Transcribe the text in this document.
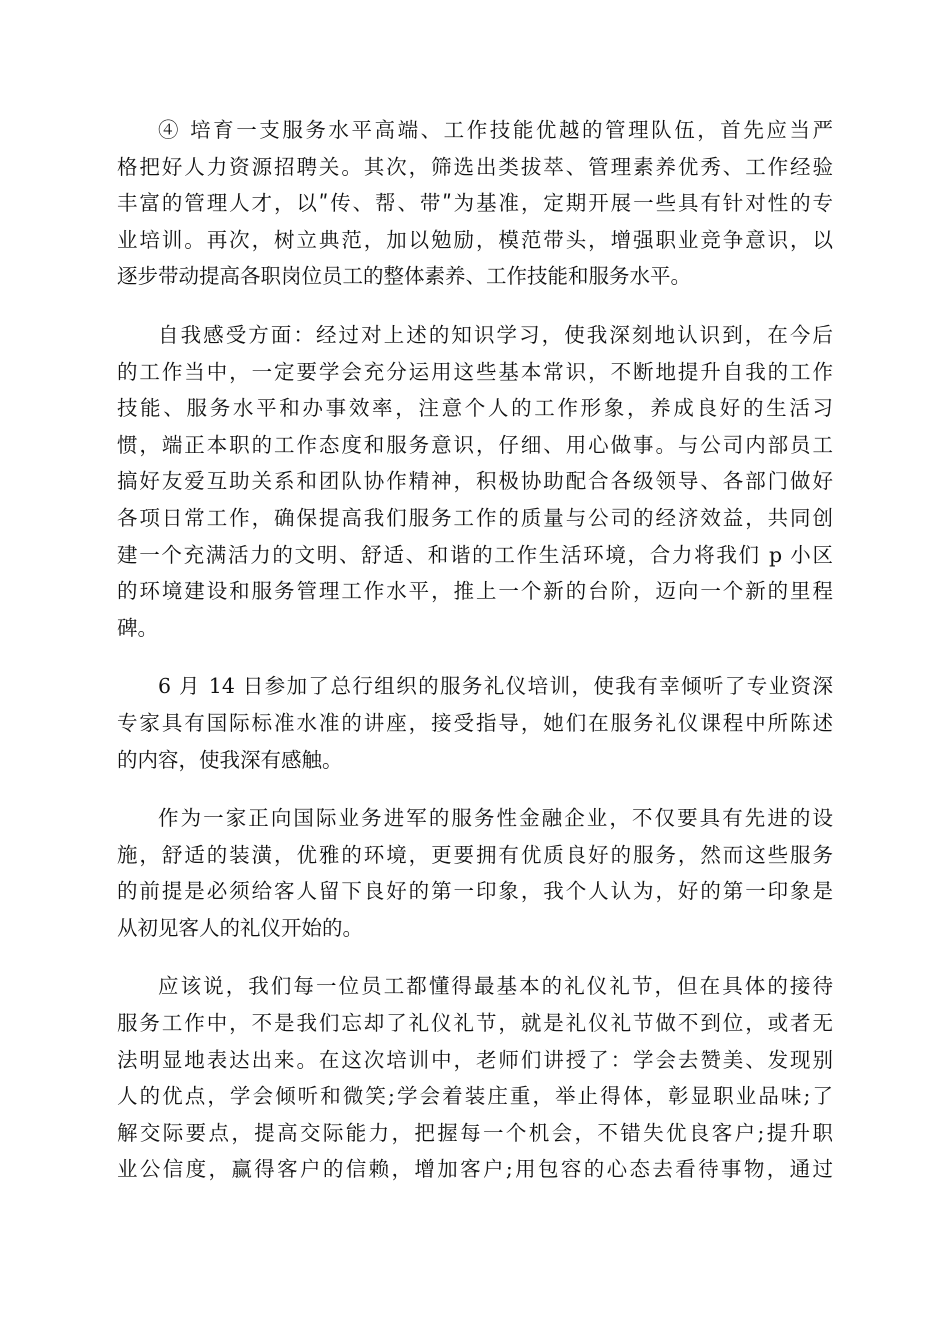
④ 培育一支服务水平高端、工作技能优越的管理队伍，首先应当严
格把好人力资源招聘关。其次，筛选出类拔萃、管理素养优秀、工作经验
丰富的管理人才，以ʺ传、帮、带ʺ为基准，定期开展一些具有针对性的专
业培训。再次，树立典范，加以勉励，模范带头，增强职业竞争意识，以
逐步带动提高各职岗位员工的整体素养、工作技能和服务水平。
自我感受方面：经过对上述的知识学习，使我深刻地认识到，在今后
的工作当中，一定要学会充分运用这些基本常识，不断地提升自我的工作
技能、服务水平和办事效率，注意个人的工作形象，养成良好的生活习
惯，端正本职的工作态度和服务意识，仔细、用心做事。与公司内部员工
搞好友爱互助关系和团队协作精神，积极协助配合各级领导、各部门做好
各项日常工作，确保提高我们服务工作的质量与公司的经济效益，共同创
建一个充满活力的文明、舒适、和谐的工作生活环境，合力将我们 p 小区
的环境建设和服务管理工作水平，推上一个新的台阶，迈向一个新的里程
碑。
6 月 14 日参加了总行组织的服务礼仪培训，使我有幸倾听了专业资深
专家具有国际标准水准的讲座，接受指导，她们在服务礼仪课程中所陈述
的内容，使我深有感触。
作为一家正向国际业务进军的服务性金融企业，不仅要具有先进的设
施，舒适的装潢，优雅的环境，更要拥有优质良好的服务，然而这些服务
的前提是必须给客人留下良好的第一印象，我个人认为，好的第一印象是
从初见客人的礼仪开始的。
应该说，我们每一位员工都懂得最基本的礼仪礼节，但在具体的接待
服务工作中，不是我们忘却了礼仪礼节，就是礼仪礼节做不到位，或者无
法明显地表达出来。在这次培训中，老师们讲授了：学会去赞美、发现别
人的优点，学会倾听和微笑;学会着装庄重，举止得体，彰显职业品味;了
解交际要点，提高交际能力，把握每一个机会，不错失优良客户;提升职
业公信度，赢得客户的信赖，增加客户;用包容的心态去看待事物，通过
